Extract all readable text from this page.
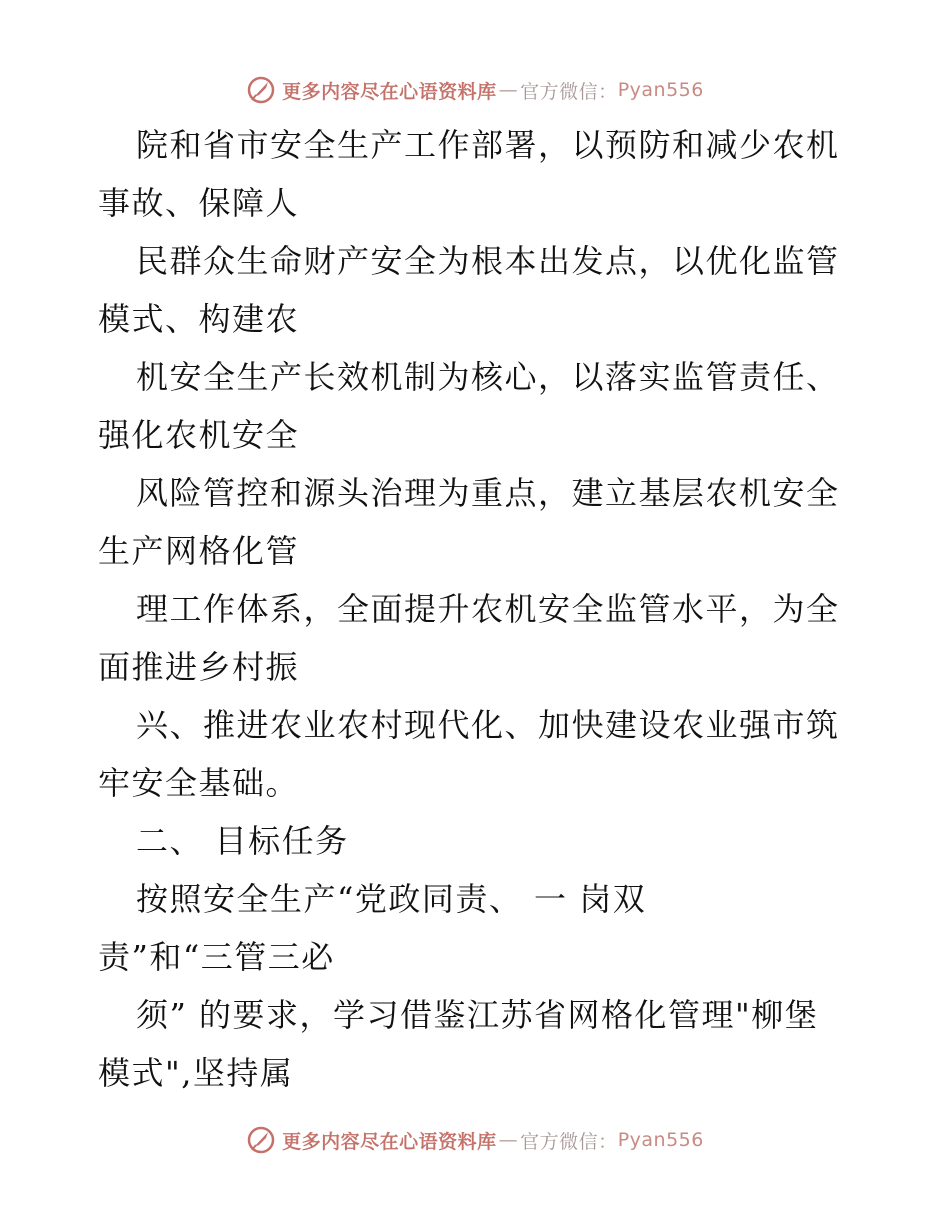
更多内容尽在心语资料库 — 官方微信： Pyan556
院和省市安全生产工作部署，以预防和减少农机
事故、保障人
民群众生命财产安全为根本出发点，以优化监管
模式、构建农
机安全生产长效机制为核心，以落实监管责任、
强化农机安全
风险管控和源头治理为重点，建立基层农机安全
生产网格化管
理工作体系，全面提升农机安全监管水平，为全
面推进乡村振
兴、推进农业农村现代化、加快建设农业强市筑
牢安全基础。
二、 目标任务
按照安全生产“党政同责、 一 岗双
责”和“三管三必
须” 的要求，学习借鉴江苏省网格化管理"柳堡
模式",坚持属
更多内容尽在心语资料库 — 官方微信： Pyan556
